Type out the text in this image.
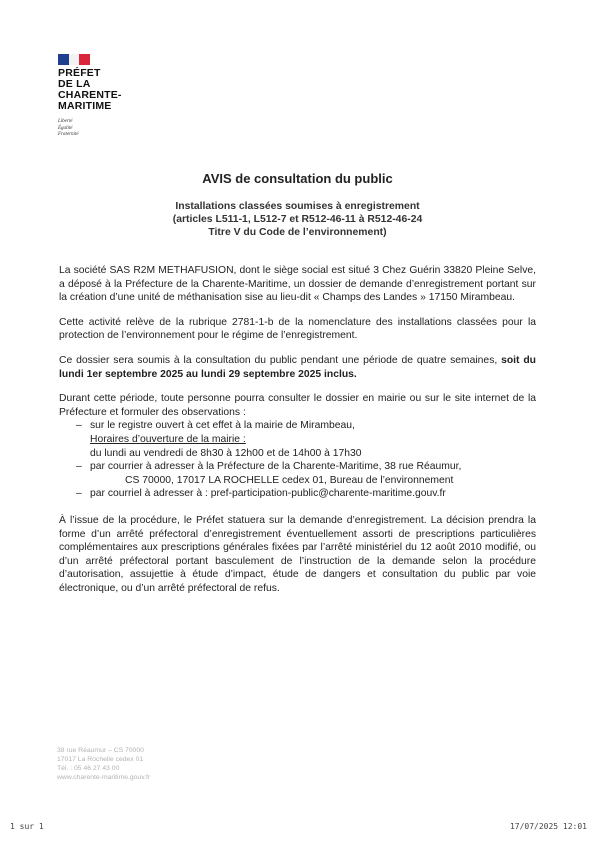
PRÉFET
DE LA
CHARENTE-
MARITIME
Liberté
Égalité
Fraternité
AVIS de consultation du public
Installations classées soumises à enregistrement
(articles L511-1, L512-7 et R512-46-11 à R512-46-24
Titre V du Code de l’environnement)

La société SAS R2M METHAFUSION, dont le siège social est situé 3 Chez Guérin 33820 Pleine Selve, a déposé à la Préfecture de la Charente-Maritime, un dossier de demande d’enregistrement portant sur la création d’une unité de méthanisation sise au lieu-dit « Champs des Landes » 17150 Mirambeau.

Cette activité relève de la rubrique 2781-1-b de la nomenclature des installations classées pour la protection de l’environnement pour le régime de l’enregistrement.

Ce dossier sera soumis à la consultation du public pendant une période de quatre semaines, soit du lundi 1er septembre 2025 au lundi 29 septembre 2025 inclus.

Durant cette période, toute personne pourra consulter le dossier en mairie ou sur le site internet de la Préfecture et formuler des observations :

– sur le registre ouvert à cet effet à la mairie de Mirambeau,
Horaires d’ouverture de la mairie :
du lundi au vendredi de 8h30 à 12h00 et de 14h00 à 17h30
– par courrier à adresser à la Préfecture de la Charente-Maritime, 38 rue Réaumur,
CS 70000, 17017 LA ROCHELLE cedex 01, Bureau de l’environnement
– par courriel à adresser à : pref-participation-public@charente-maritime.gouv.fr

À l’issue de la procédure, le Préfet statuera sur la demande d’enregistrement. La décision prendra la forme d’un arrêté préfectoral d’enregistrement éventuellement assorti de prescriptions particulières complémentaires aux prescriptions générales fixées par l’arrêté ministériel du 12 août 2010 modifié, ou d’un arrêté préfectoral portant basculement de l’instruction de la demande selon la procédure d’autorisation, assujettie à étude d’impact, étude de dangers et consultation du public par voie électronique, ou d’un arrêté préfectoral de refus.

38 rue Réaumur – CS 70000
17017 La Rochelle cedex 01
Tél. : 05 46 27 43 00
www.charente-maritime.gouv.fr
1 sur 1	17/07/2025 12:01
